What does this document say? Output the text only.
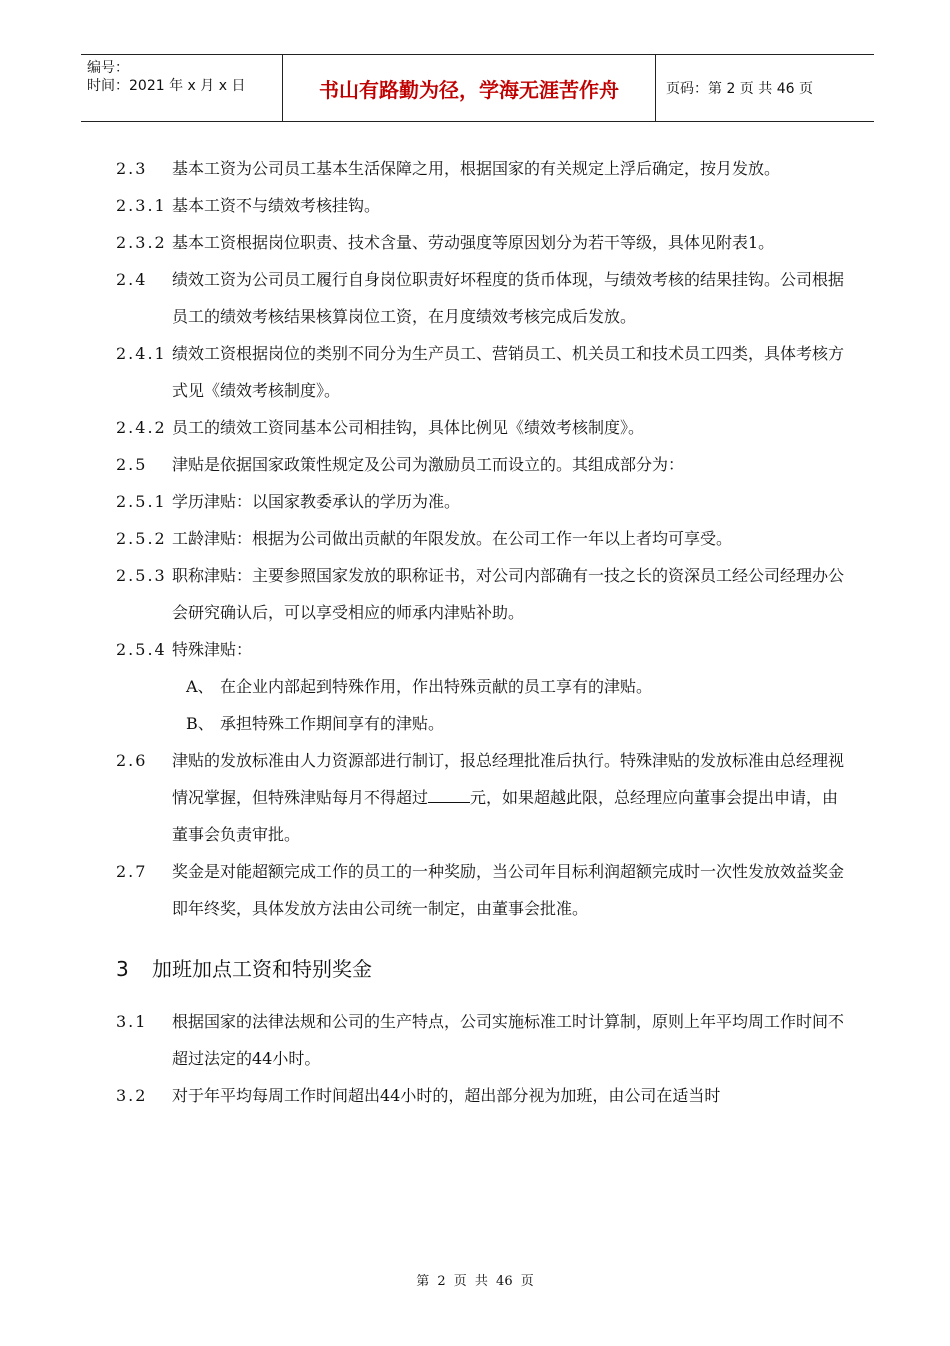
编号：
时间：2021 年 x 月 x 日	书山有路勤为径，学海无涯苦作舟	页码：第 2 页 共 46 页
2.3 基本工资为公司员工基本生活保障之用，根据国家的有关规定上浮后确定，按月发放。
2.3.1 基本工资不与绩效考核挂钩。
2.3.2 基本工资根据岗位职责、技术含量、劳动强度等原因划分为若干等级，具体见附表1。
2.4 绩效工资为公司员工履行自身岗位职责好坏程度的货币体现，与绩效考核的结果挂钩。公司根据员工的绩效考核结果核算岗位工资，在月度绩效考核完成后发放。
2.4.1 绩效工资根据岗位的类别不同分为生产员工、营销员工、机关员工和技术员工四类，具体考核方式见《绩效考核制度》。
2.4.2 员工的绩效工资同基本公司相挂钩，具体比例见《绩效考核制度》。
2.5 津贴是依据国家政策性规定及公司为激励员工而设立的。其组成部分为：
2.5.1 学历津贴：以国家教委承认的学历为准。
2.5.2 工龄津贴：根据为公司做出贡献的年限发放。在公司工作一年以上者均可享受。
2.5.3 职称津贴：主要参照国家发放的职称证书，对公司内部确有一技之长的资深员工经公司经理办公会研究确认后，可以享受相应的师承内津贴补助。
2.5.4 特殊津贴：
A、 在企业内部起到特殊作用，作出特殊贡献的员工享有的津贴。
B、 承担特殊工作期间享有的津贴。
2.6 津贴的发放标准由人力资源部进行制订，报总经理批准后执行。特殊津贴的发放标准由总经理视情况掌握，但特殊津贴每月不得超过	元，如果超越此限，总经理应向董事会提出申请，由董事会负责审批。
2.7 奖金是对能超额完成工作的员工的一种奖励，当公司年目标利润超额完成时一次性发放效益奖金即年终奖，具体发放方法由公司统一制定，由董事会批准。
3 加班加点工资和特别奖金
3.1 根据国家的法律法规和公司的生产特点，公司实施标准工时计算制，原则上年平均周工作时间不超过法定的44小时。
3.2 对于年平均每周工作时间超出44小时的，超出部分视为加班，由公司在适当时
第 2 页 共 46 页
